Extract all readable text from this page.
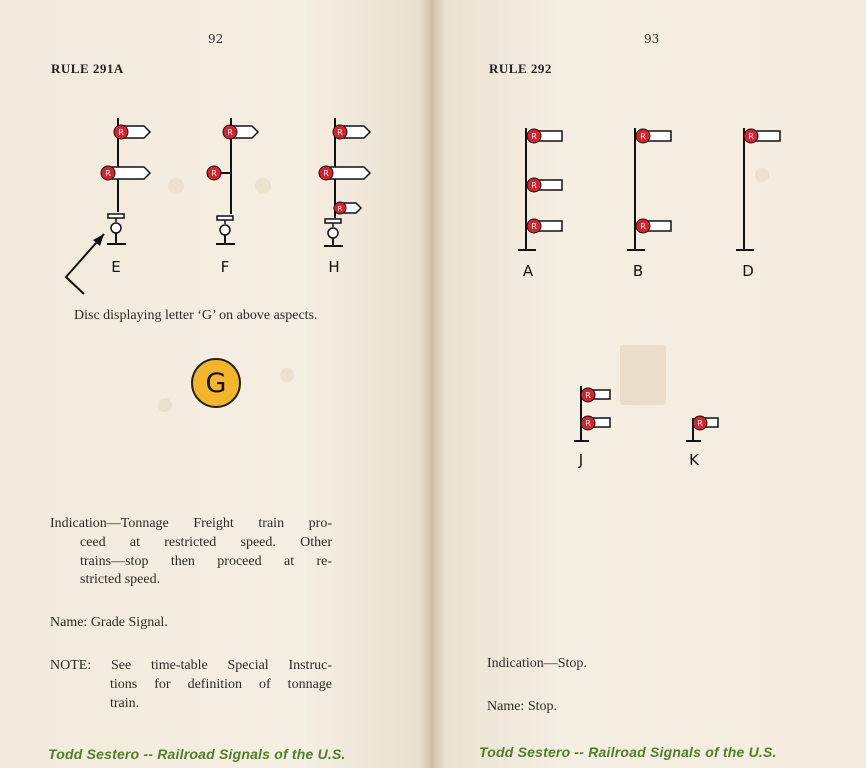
92
RULE 291A
R
R
R
R
R
R
R
E	F	H
Disc displaying letter ‘G’ on above aspects.
G
Indication—Tonnage Freight train pro-
ceed at restricted speed. Other
trains—stop then proceed at re-
stricted speed.
Name: Grade Signal.
NOTE: See time-table Special Instruc-
tions for definition of tonnage
train.
Todd Sestero -- Railroad Signals of the U.S.
93
RULE 292
R
R
R
R
R
R
R
R	R
A	B	D
J	K
Indication—Stop.
Name: Stop.
Todd Sestero -- Railroad Signals of the U.S.
